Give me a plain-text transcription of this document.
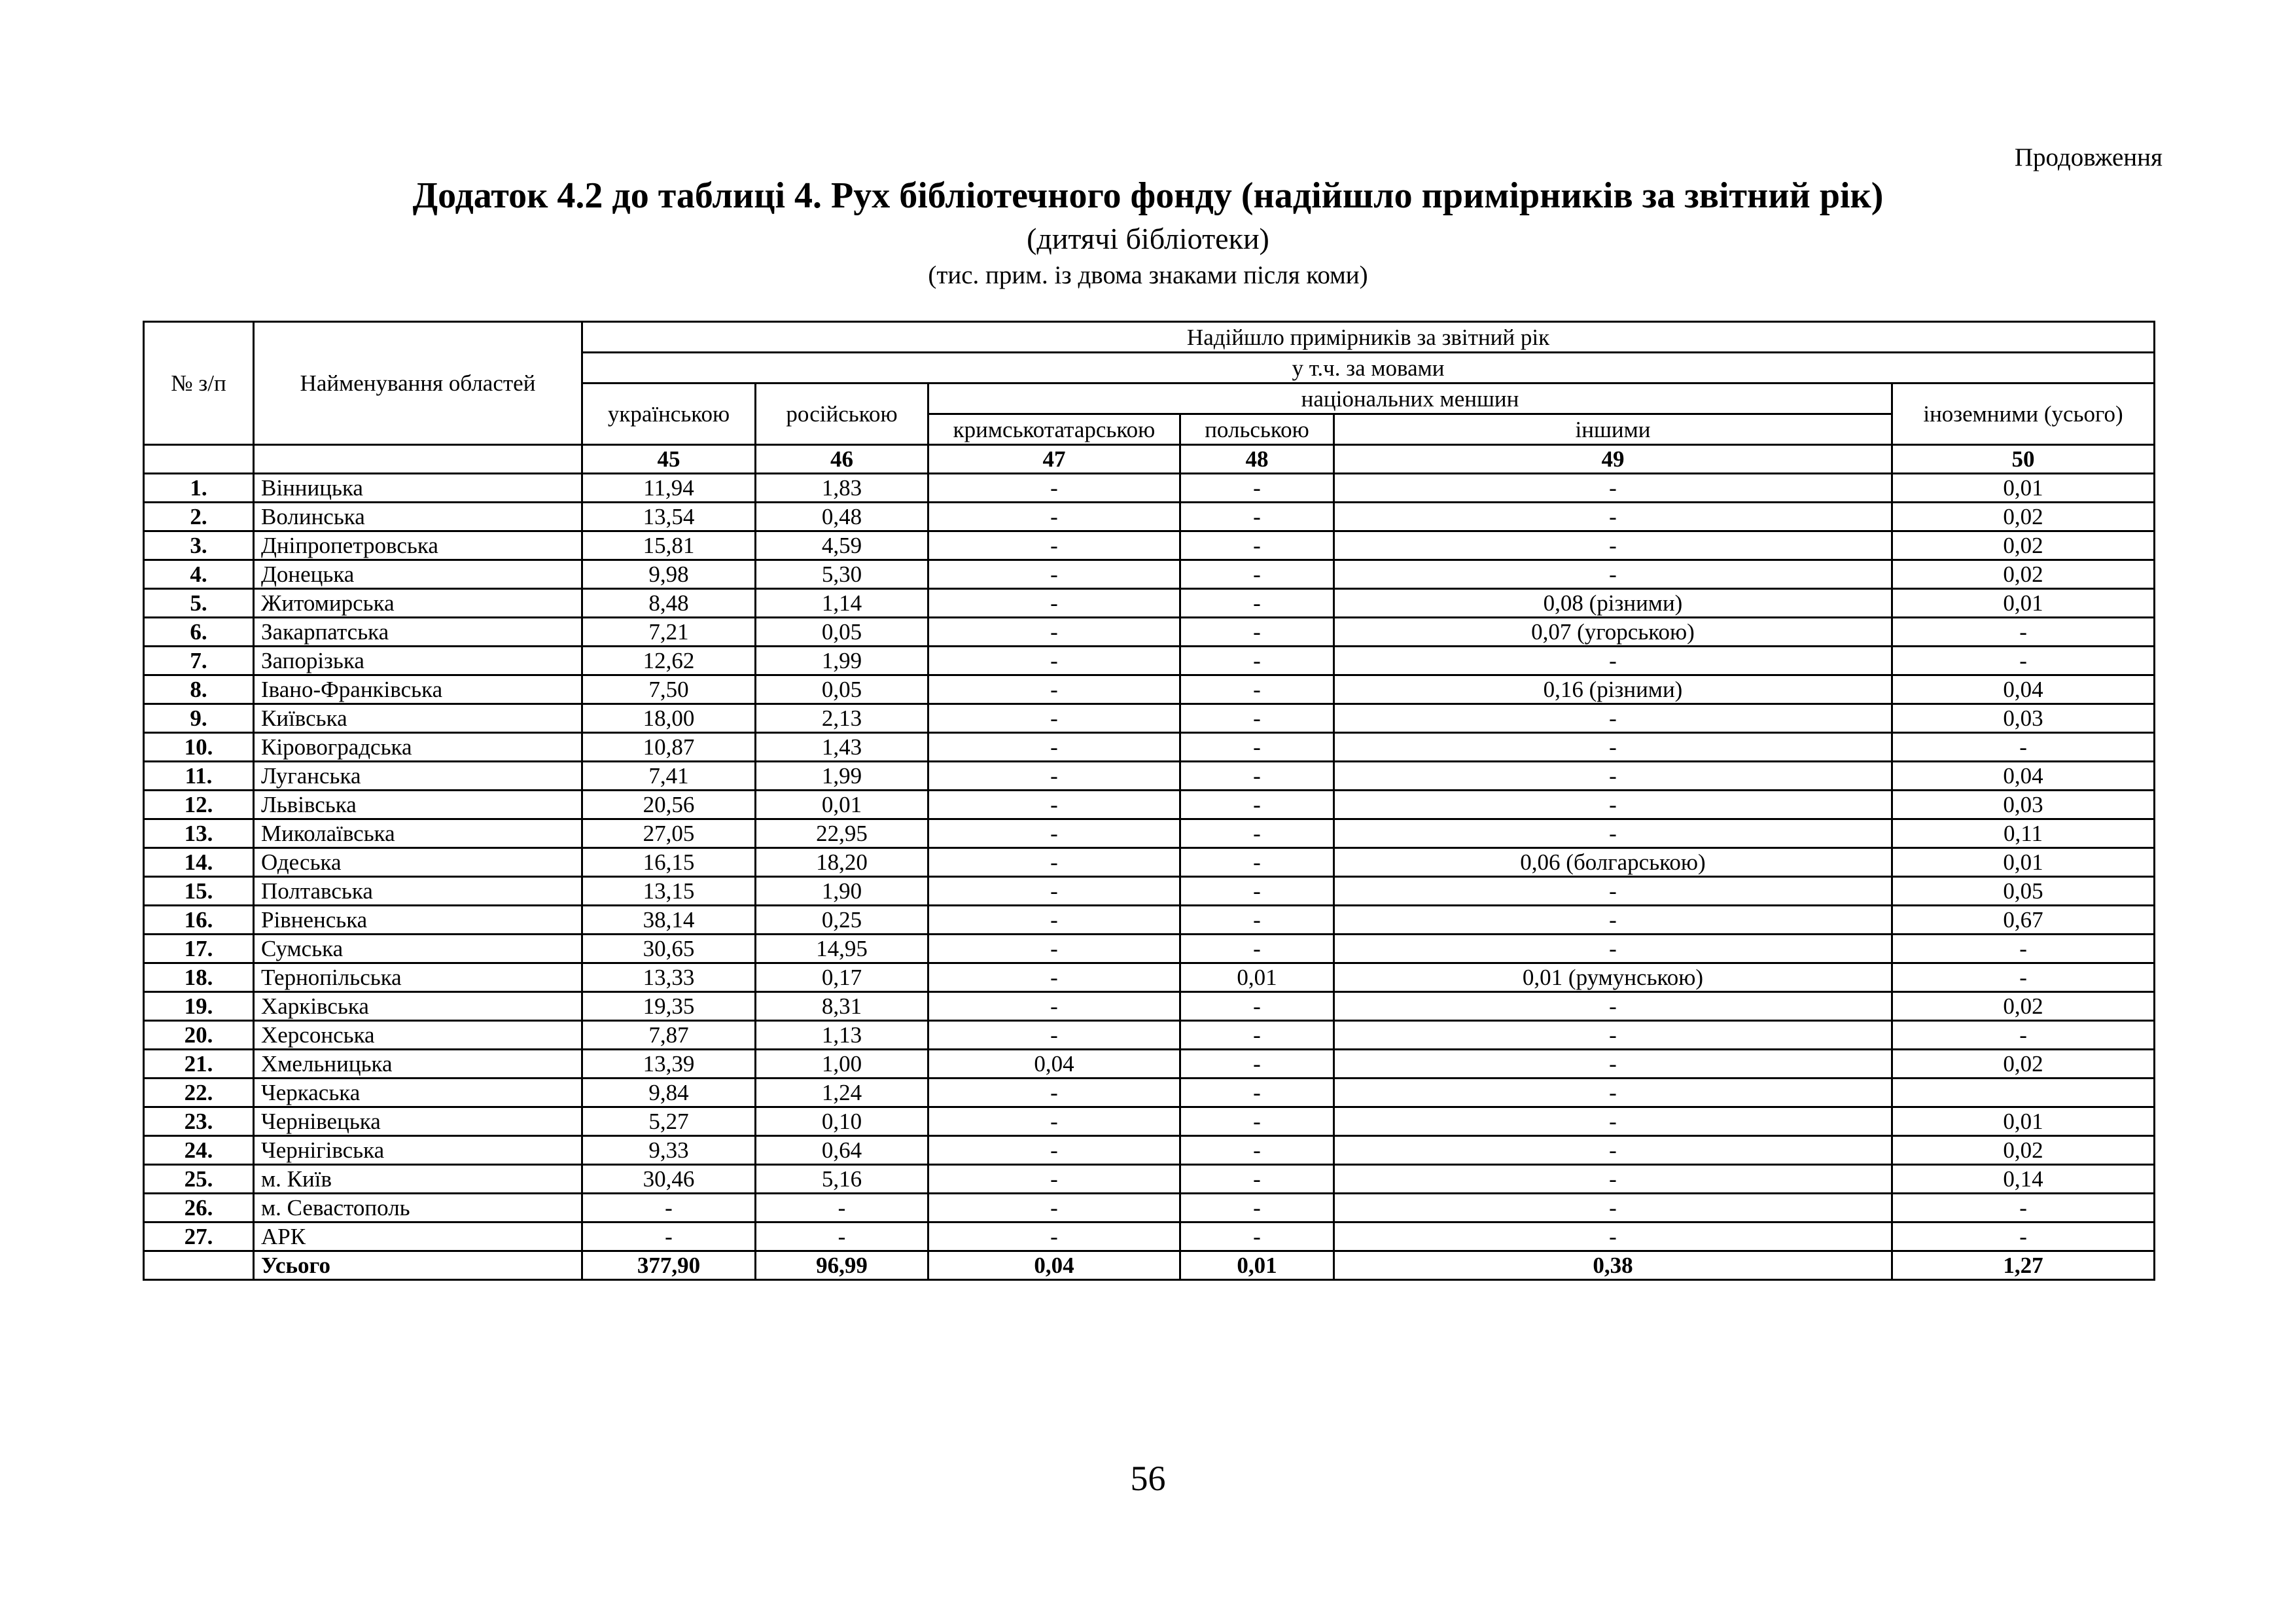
Продовження
Додаток 4.2 до таблиці 4. Рух бібліотечного фонду (надійшло примірників за звітний рік)
(дитячі бібліотеки)
(тис. прим. із двома знаками після коми)
№ з/п	Найменування областей	Надійшло примірників за звітний рік					
		у т.ч. за мовами					
		українською	російською	національних меншин			іноземними (усього)
				кримськотатарською	польською	іншими	
		45	46	47	48	49	50
1.	Вінницька	11,94	1,83	-	-	-	0,01
2.	Волинська	13,54	0,48	-	-	-	0,02
3.	Дніпропетровська	15,81	4,59	-	-	-	0,02
4.	Донецька	9,98	5,30	-	-	-	0,02
5.	Житомирська	8,48	1,14	-	-	0,08 (різними)	0,01
6.	Закарпатська	7,21	0,05	-	-	0,07 (угорською)	-
7.	Запорізька	12,62	1,99	-	-	-	-
8.	Івано-Франківська	7,50	0,05	-	-	0,16 (різними)	0,04
9.	Київська	18,00	2,13	-	-	-	0,03
10.	Кіровоградська	10,87	1,43	-	-	-	-
11.	Луганська	7,41	1,99	-	-	-	0,04
12.	Львівська	20,56	0,01	-	-	-	0,03
13.	Миколаївська	27,05	22,95	-	-	-	0,11
14.	Одеська	16,15	18,20	-	-	0,06 (болгарською)	0,01
15.	Полтавська	13,15	1,90	-	-	-	0,05
16.	Рівненська	38,14	0,25	-	-	-	0,67
17.	Сумська	30,65	14,95	-	-	-	-
18.	Тернопільська	13,33	0,17	-	0,01	0,01 (румунською)	-
19.	Харківська	19,35	8,31	-	-	-	0,02
20.	Херсонська	7,87	1,13	-	-	-	-
21.	Хмельницька	13,39	1,00	0,04	-	-	0,02
22.	Черкаська	9,84	1,24	-	-	-	
23.	Чернівецька	5,27	0,10	-	-	-	0,01
24.	Чернігівська	9,33	0,64	-	-	-	0,02
25.	м. Київ	30,46	5,16	-	-	-	0,14
26.	м. Севастополь	-	-	-	-	-	-
27.	АРК	-	-	-	-	-	-
	Усього	377,90	96,99	0,04	0,01	0,38	1,27
56
